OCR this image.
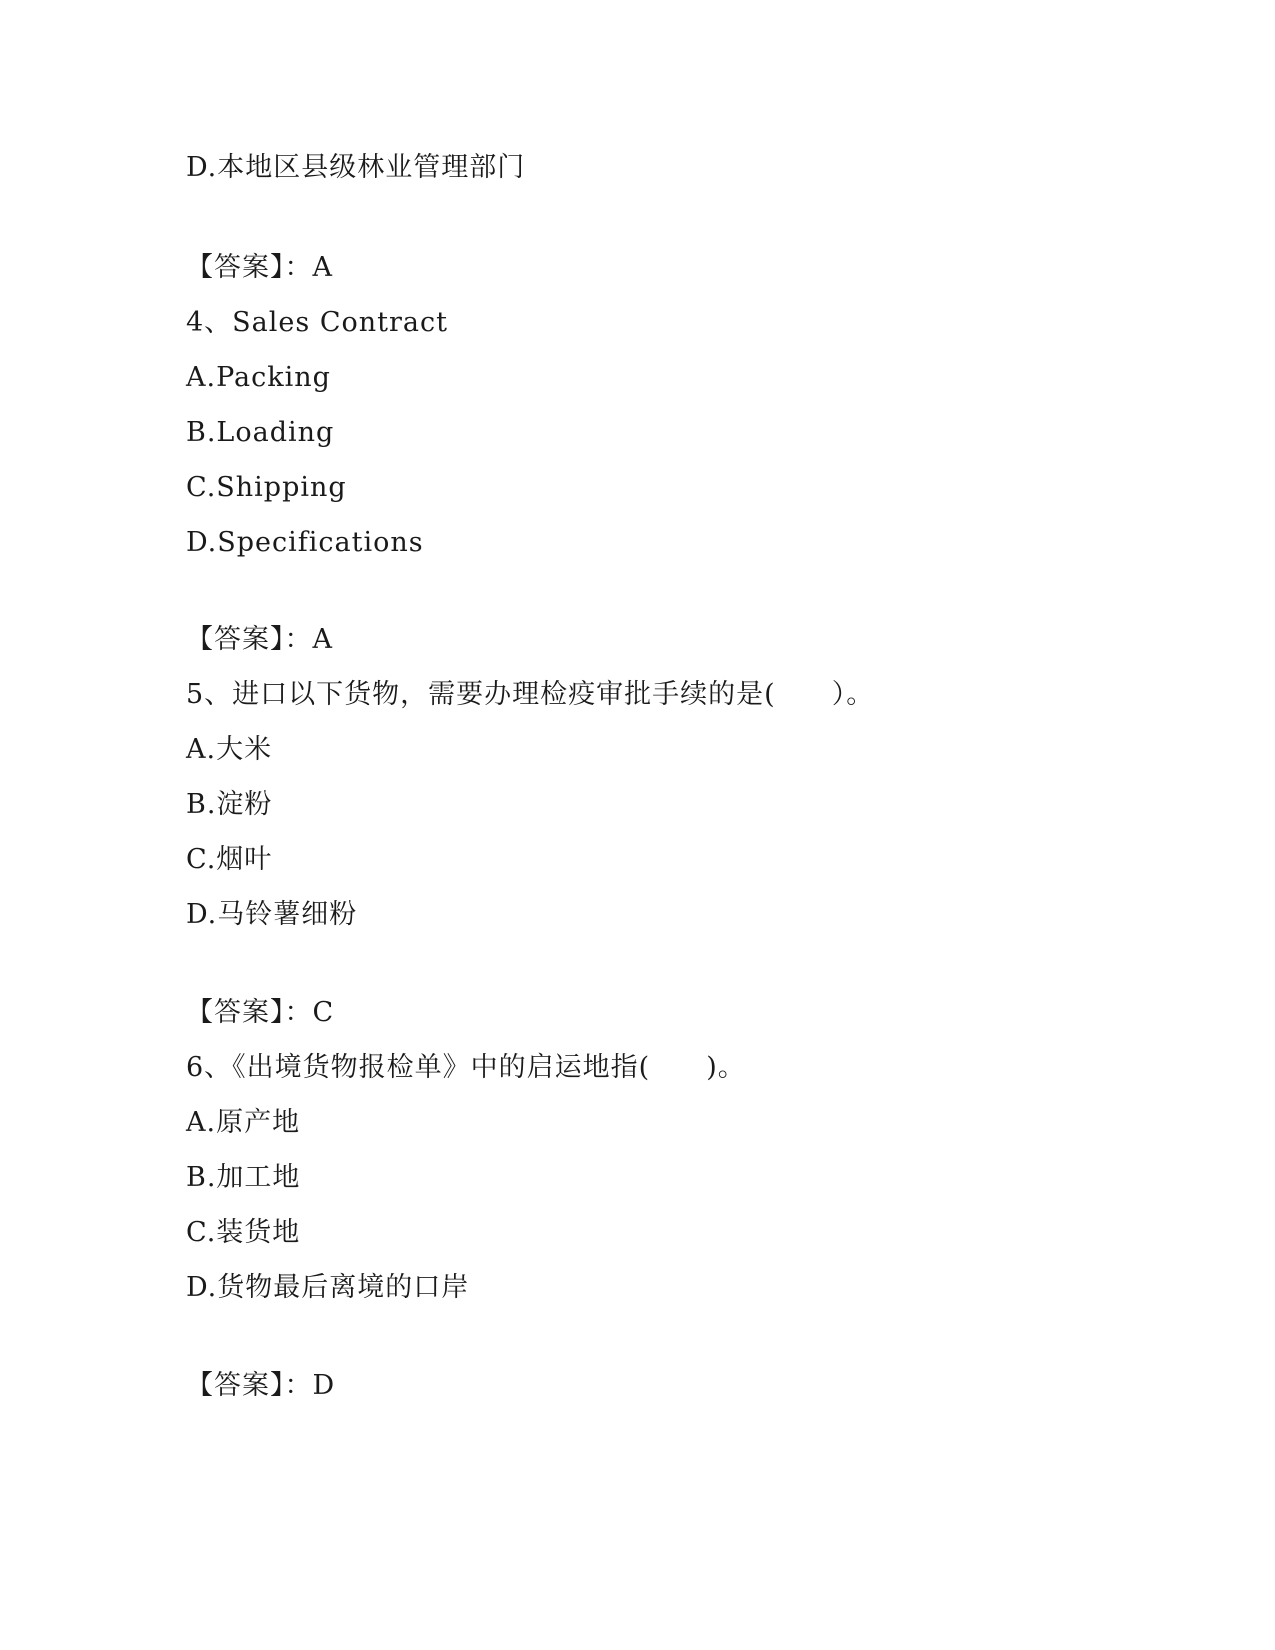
D.本地区县级林业管理部门
【答案】：A
4、Sales Contract
A.Packing
B.Loading
C.Shipping
D.Specifications
【答案】：A
5、进口以下货物，需要办理检疫审批手续的是(　　）。
A.大米
B.淀粉
C.烟叶
D.马铃薯细粉
【答案】：C
6、《出境货物报检单》中的启运地指(　　)。
A.原产地
B.加工地
C.装货地
D.货物最后离境的口岸
【答案】：D
